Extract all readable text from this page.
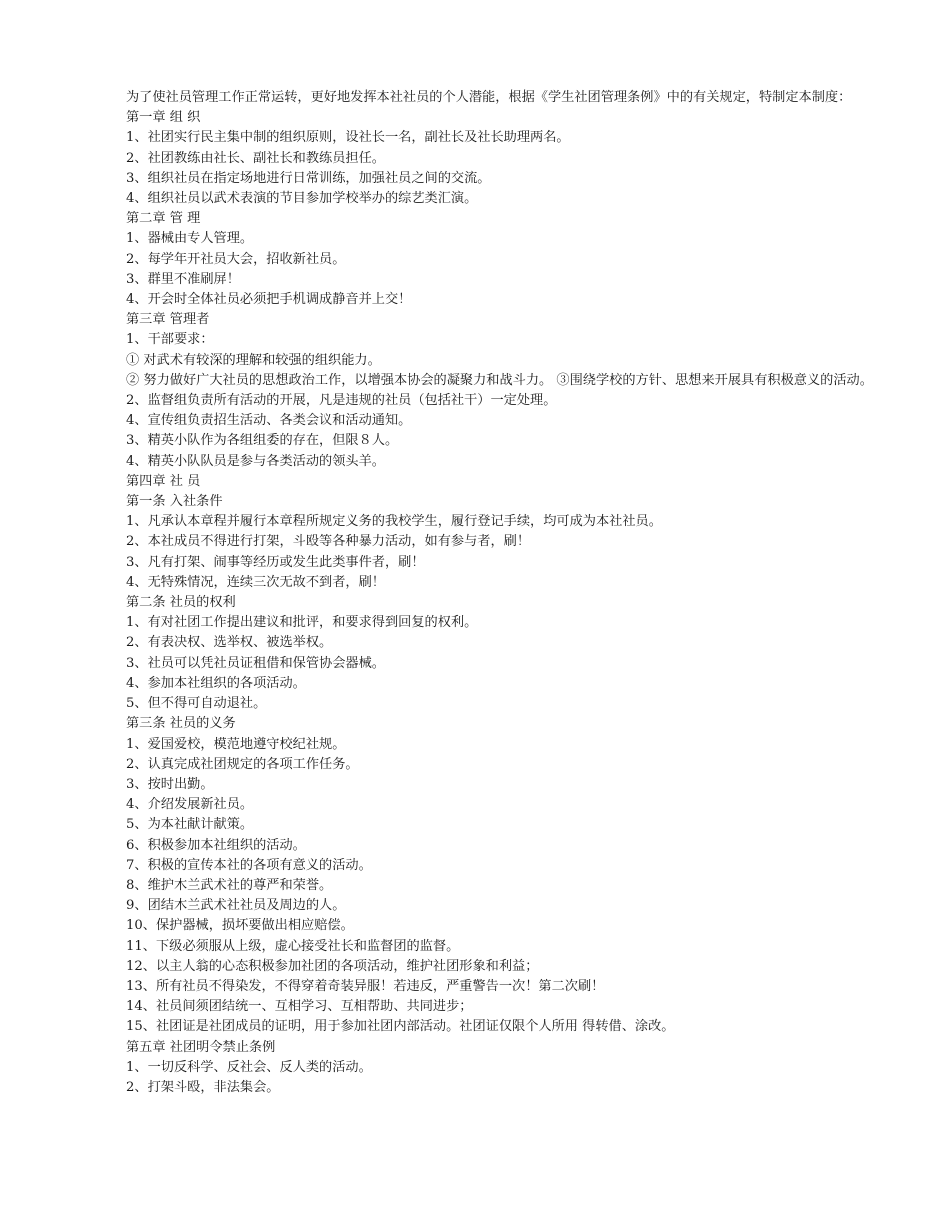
为了使社员管理工作正常运转，更好地发挥本社社员的个人潜能，根据《学生社团管理条例》中的有关规定，特制定本制度：

第一章 组 织

1、社团实行民主集中制的组织原则，设社长一名，副社长及社长助理两名。

2、社团教练由社长、副社长和教练员担任。

3、组织社员在指定场地进行日常训练，加强社员之间的交流。

4、组织社员以武术表演的节目参加学校举办的综艺类汇演。

第二章 管 理

1、器械由专人管理。

2、每学年开社员大会，招收新社员。

3、群里不准刷屏！

4、开会时全体社员必须把手机调成静音并上交！

第三章 管理者

1、干部要求：

① 对武术有较深的理解和较强的组织能力。

② 努力做好广大社员的思想政治工作，以增强本协会的凝聚力和战斗力。 ③围绕学校的方针、思想来开展具有积极意义的活动。

2、监督组负责所有活动的开展，凡是违规的社员（包括社干）一定处理。

4、宣传组负责招生活动、各类会议和活动通知。

3、精英小队作为各组组委的存在，但限８人。

4、精英小队队员是参与各类活动的领头羊。

第四章 社 员

第一条 入社条件

1、凡承认本章程并履行本章程所规定义务的我校学生，履行登记手续，均可成为本社社员。

2、本社成员不得进行打架，斗殴等各种暴力活动，如有参与者，刷！

3、凡有打架、闹事等经历或发生此类事件者，刷！

4、无特殊情况，连续三次无故不到者，刷！

第二条 社员的权利

1、有对社团工作提出建议和批评，和要求得到回复的权利。

2、有表决权、选举权、被选举权。

3、社员可以凭社员证租借和保管协会器械。

4、参加本社组织的各项活动。

5、但不得可自动退社。

第三条 社员的义务

1、爱国爱校，模范地遵守校纪社规。

2、认真完成社团规定的各项工作任务。

3、按时出勤。

4、介绍发展新社员。

5、为本社献计献策。

6、积极参加本社组织的活动。

7、积极的宣传本社的各项有意义的活动。

8、维护木兰武术社的尊严和荣誉。

9、团结木兰武术社社员及周边的人。

10、保护器械，损坏要做出相应赔偿。

11、下级必须服从上级，虚心接受社长和监督团的监督。

12、以主人翁的心态积极参加社团的各项活动，维护社团形象和利益；

13、所有社员不得染发，不得穿着奇装异服！若违反，严重警告一次！第二次刷！

14、社员间须团结统一、互相学习、互相帮助、共同进步；

15、社团证是社团成员的证明，用于参加社团内部活动。社团证仅限个人所用 得转借、涂改。

第五章 社团明令禁止条例

1、一切反科学、反社会、反人类的活动。

2、打架斗殴，非法集会。
